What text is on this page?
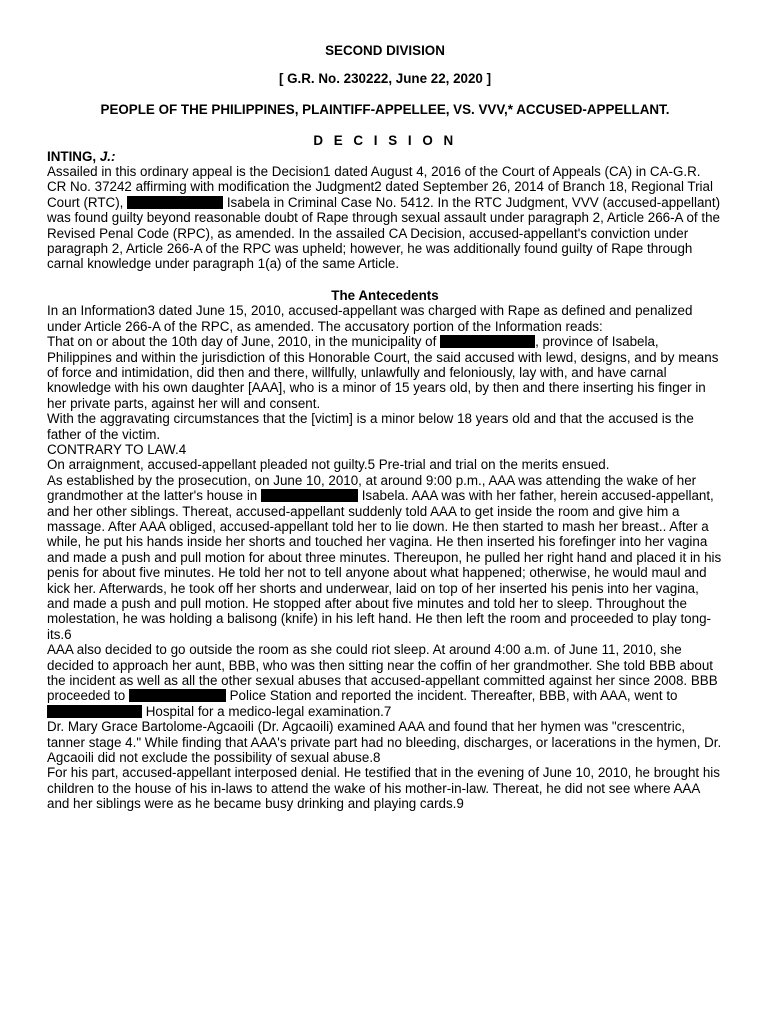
SECOND DIVISION

[ G.R. No. 230222, June 22, 2020 ]

PEOPLE OF THE PHILIPPINES, PLAINTIFF-APPELLEE, VS. VVV,* ACCUSED-APPELLANT.

D E C I S I O N

INTING, J.:

Assailed in this ordinary appeal is the Decision1 dated August 4, 2016 of the Court of Appeals (CA) in CA-G.R. CR No. 37242 affirming with modification the Judgment2 dated September 26, 2014 of Branch 18, Regional Trial Court (RTC),	Isabela in Criminal Case No. 5412. In the RTC Judgment, VVV (accused-appellant) was found guilty beyond reasonable doubt of Rape through sexual assault under paragraph 2, Article 266-A of the Revised Penal Code (RPC), as amended. In the assailed CA Decision, accused-appellant's conviction under paragraph 2, Article 266-A of the RPC was upheld; however, he was additionally found guilty of Rape through carnal knowledge under paragraph 1(a) of the same Article.

The Antecedents

In an Information3 dated June 15, 2010, accused-appellant was charged with Rape as defined and penalized under Article 266-A of the RPC, as amended. The accusatory portion of the Information reads:

That on or about the 10th day of June, 2010, in the municipality of	, province of Isabela, Philippines and within the jurisdiction of this Honorable Court, the said accused with lewd, designs, and by means of force and intimidation, did then and there, willfully, unlawfully and feloniously, lay with, and have carnal knowledge with his own daughter [AAA], who is a minor of 15 years old, by then and there inserting his finger in her private parts, against her will and consent.

With the aggravating circumstances that the [victim] is a minor below 18 years old and that the accused is the father of the victim.

CONTRARY TO LAW.4

On arraignment, accused-appellant pleaded not guilty.5 Pre-trial and trial on the merits ensued.

As established by the prosecution, on June 10, 2010, at around 9:00 p.m., AAA was attending the wake of her grandmother at the latter's house in	Isabela. AAA was with her father, herein accused-appellant, and her other siblings. Thereat, accused-appellant suddenly told AAA to get inside the room and give him a massage. After AAA obliged, accused-appellant told her to lie down. He then started to mash her breast.. After a while, he put his hands inside her shorts and touched her vagina. He then inserted his forefinger into her vagina and made a push and pull motion for about three minutes. Thereupon, he pulled her right hand and placed it in his penis for about five minutes. He told her not to tell anyone about what happened; otherwise, he would maul and kick her. Afterwards, he took off her shorts and underwear, laid on top of her inserted his penis into her vagina, and made a push and pull motion. He stopped after about five minutes and told her to sleep. Throughout the molestation, he was holding a balisong (knife) in his left hand. He then left the room and proceeded to play tong-its.6

AAA also decided to go outside the room as she could riot sleep. At around 4:00 a.m. of June 11, 2010, she decided to approach her aunt, BBB, who was then sitting near the coffin of her grandmother. She told BBB about the incident as well as all the other sexual abuses that accused-appellant committed against her since 2008. BBB proceeded to	Police Station and reported the incident. Thereafter, BBB, with AAA, went to  Hospital for a medico-legal examination.7

Dr. Mary Grace Bartolome-Agcaoili (Dr. Agcaoili) examined AAA and found that her hymen was "crescentric, tanner stage 4." While finding that AAA's private part had no bleeding, discharges, or lacerations in the hymen, Dr. Agcaoili did not exclude the possibility of sexual abuse.8

For his part, accused-appellant interposed denial. He testified that in the evening of June 10, 2010, he brought his children to the house of his in-laws to attend the wake of his mother-in-law. Thereat, he did not see where AAA and her siblings were as he became busy drinking and playing cards.9
